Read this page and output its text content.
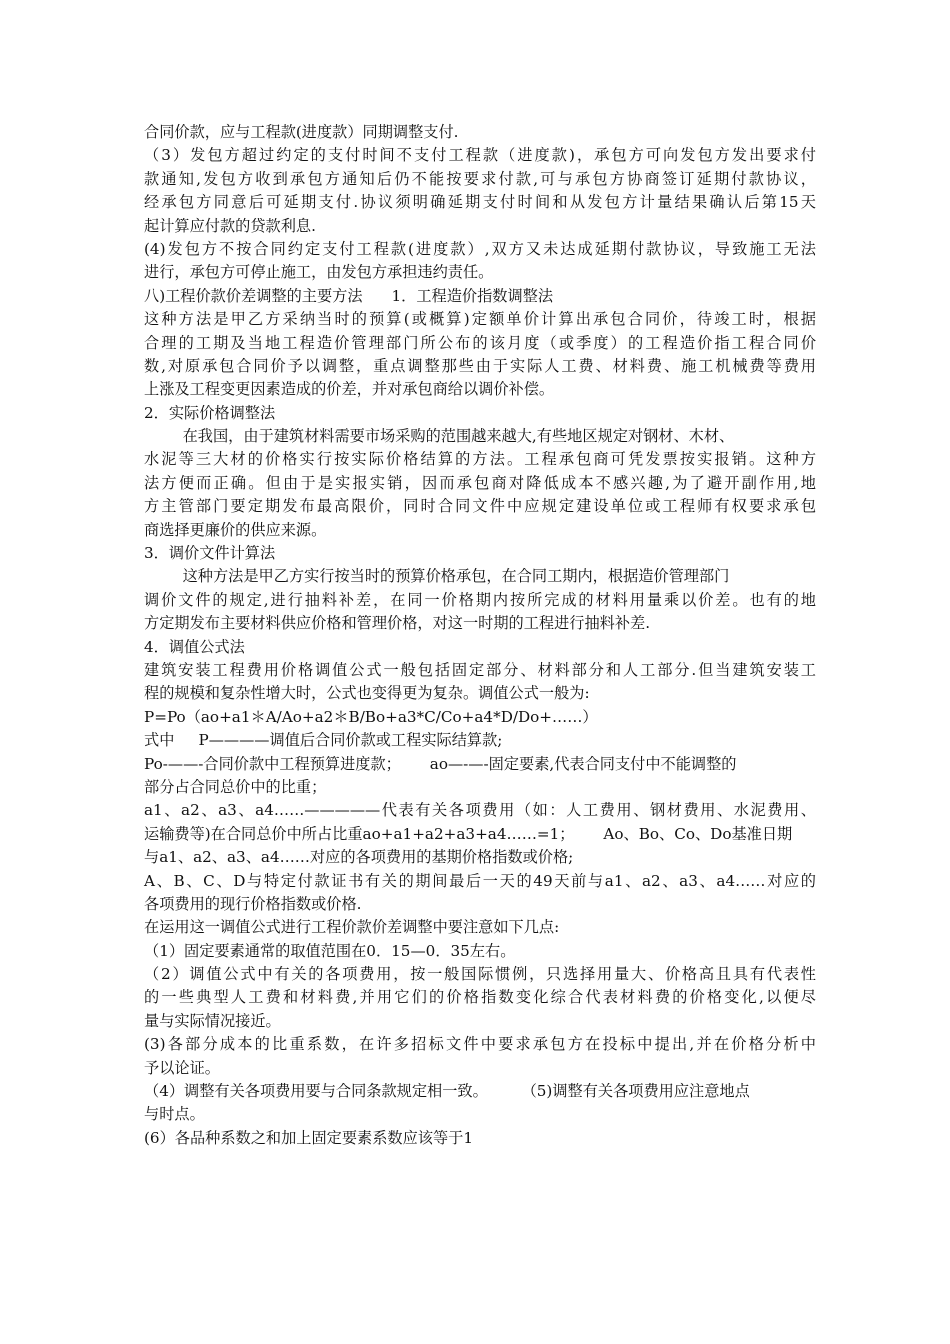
合同价款，应与工程款(进度款）同期调整支付.
（3）发包方超过约定的支付时间不支付工程款（进度款)，承包方可向发包方发出要求付
款通知,发包方收到承包方通知后仍不能按要求付款,可与承包方协商签订延期付款协议，
经承包方同意后可延期支付.协议须明确延期支付时间和从发包方计量结果确认后第15天
起计算应付款的贷款利息.
(4)发包方不按合同约定支付工程款(进度款）,双方又未达成延期付款协议，导致施工无法
进行，承包方可停止施工，由发包方承担违约责任。
八)工程价款价差调整的主要方法      1．工程造价指数调整法
这种方法是甲乙方采纳当时的预算(或概算)定额单价计算出承包合同价，待竣工时，根据
合理的工期及当地工程造价管理部门所公布的该月度（或季度）的工程造价指工程合同价
数,对原承包合同价予以调整，重点调整那些由于实际人工费、材料费、施工机械费等费用
上涨及工程变更因素造成的价差，并对承包商给以调价补偿。
2．实际价格调整法
在我国，由于建筑材料需要市场采购的范围越来越大,有些地区规定对钢材、木材、
水泥等三大材的价格实行按实际价格结算的方法。工程承包商可凭发票按实报销。这种方
法方便而正确。但由于是实报实销，因而承包商对降低成本不感兴趣,为了避开副作用,地
方主管部门要定期发布最高限价，同时合同文件中应规定建设单位或工程师有权要求承包
商选择更廉价的供应来源。
3．调价文件计算法
这种方法是甲乙方实行按当时的预算价格承包，在合同工期内，根据造价管理部门
调价文件的规定,进行抽料补差，在同一价格期内按所完成的材料用量乘以价差。也有的地
方定期发布主要材料供应价格和管理价格，对这一时期的工程进行抽料补差.
4．调值公式法
建筑安装工程费用价格调值公式一般包括固定部分、材料部分和人工部分.但当建筑安装工
程的规模和复杂性增大时，公式也变得更为复杂。调值公式一般为:
P=Po（ao+a1＊A/Ao+a2＊B/Bo+a3*C/Co+a4*D/Do+……）
式中     P————调值后合同价款或工程实际结算款;
Po-——-合同价款中工程预算进度款；      ao—-—-固定要素,代表合同支付中不能调整的
部分占合同总价中的比重；
a1、a2、a3、a4……—————代表有关各项费用（如：人工费用、钢材费用、水泥费用、
运输费等)在合同总价中所占比重ao+a1+a2+a3+a4……=1；      Ao、Bo、Co、Do基准日期
与a1、a2、a3、a4……对应的各项费用的基期价格指数或价格;
A、B、C、D与特定付款证书有关的期间最后一天的49天前与a1、a2、a3、a4……对应的
各项费用的现行价格指数或价格.
在运用这一调值公式进行工程价款价差调整中要注意如下几点:
（1）固定要素通常的取值范围在0．15—0．35左右。
（2）调值公式中有关的各项费用，按一般国际惯例，只选择用量大、价格高且具有代表性
的一些典型人工费和材料费,并用它们的价格指数变化综合代表材料费的价格变化,以便尽
量与实际情况接近。
(3)各部分成本的比重系数，在许多招标文件中要求承包方在投标中提出,并在价格分析中
予以论证。
（4）调整有关各项费用要与合同条款规定相一致。       （5)调整有关各项费用应注意地点
与时点。
(6）各品种系数之和加上固定要素系数应该等于1
